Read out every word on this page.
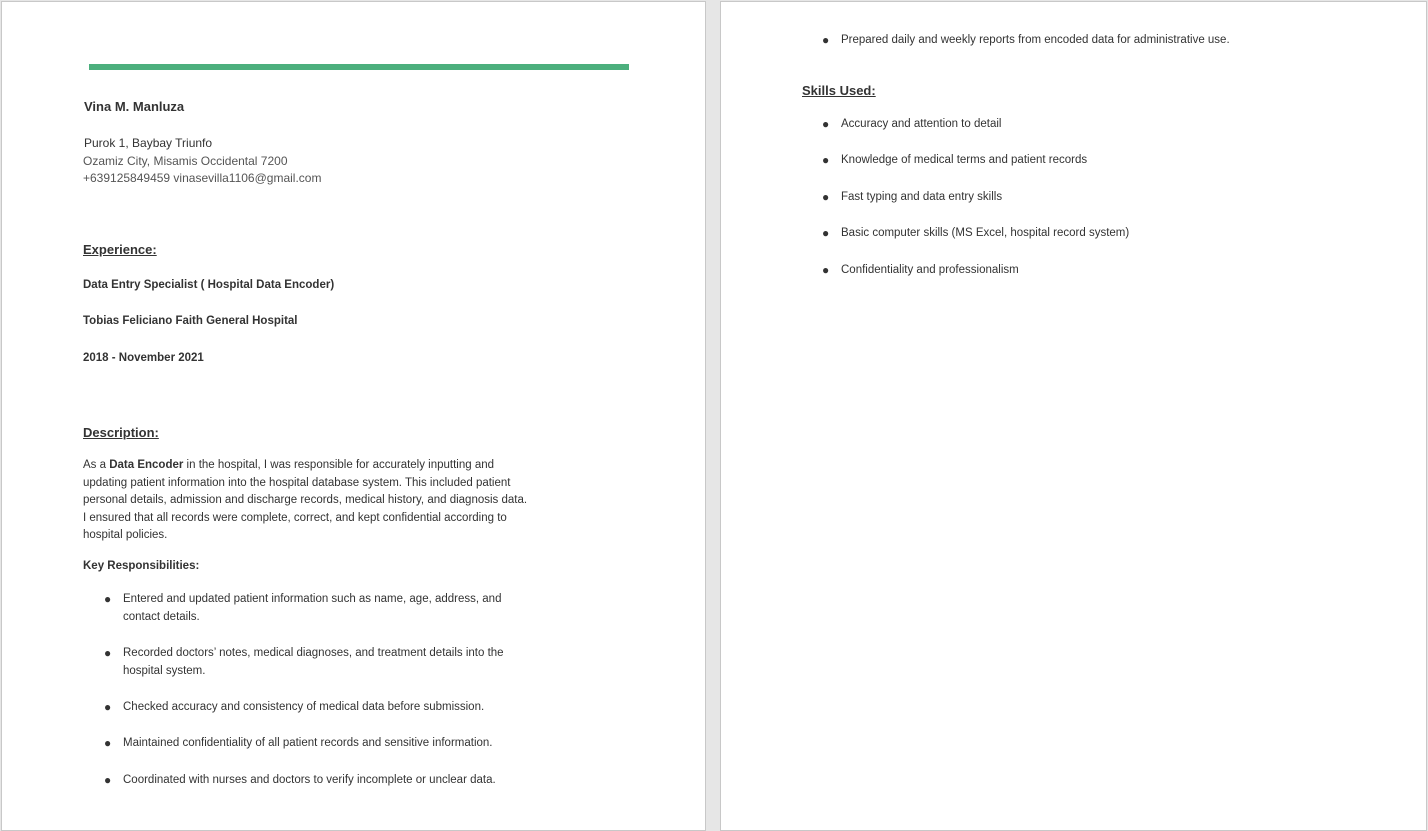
Vina M. Manluza
Purok 1, Baybay Triunfo
Ozamiz City, Misamis Occidental 7200
+639125849459 vinasevilla1106@gmail.com
Experience:
Data Entry Specialist ( Hospital Data Encoder)
Tobias Feliciano Faith General Hospital
2018 - November 2021
Description:
As a Data Encoder in the hospital, I was responsible for accurately inputting and updating patient information into the hospital database system. This included patient personal details, admission and discharge records, medical history, and diagnosis data. I ensured that all records were complete, correct, and kept confidential according to hospital policies.
Key Responsibilities:
●	Entered and updated patient information such as name, age, address, and contact details.
●	Recorded doctors’ notes, medical diagnoses, and treatment details into the hospital system.
●	Checked accuracy and consistency of medical data before submission.
●	Maintained confidentiality of all patient records and sensitive information.
●	Coordinated with nurses and doctors to verify incomplete or unclear data.
●	Prepared daily and weekly reports from encoded data for administrative use.
Skills Used:
●	Accuracy and attention to detail
●	Knowledge of medical terms and patient records
●	Fast typing and data entry skills
●	Basic computer skills (MS Excel, hospital record system)
●	Confidentiality and professionalism
